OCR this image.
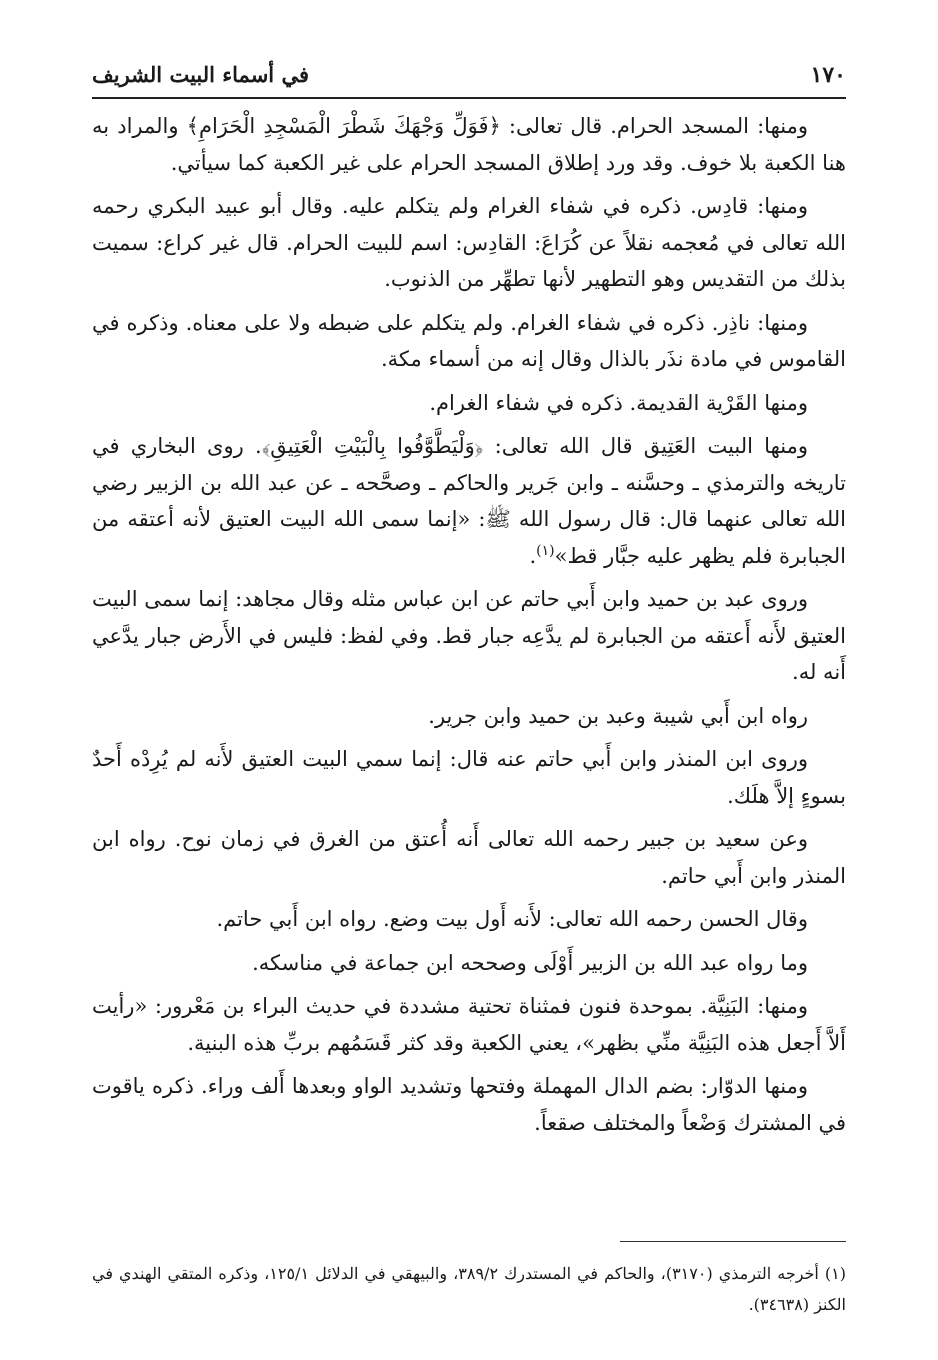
١٧٠
في أسماء البيت الشريف

ومنها: المسجد الحرام. قال تعالى: ﴿فَوَلِّ وَجْهَكَ شَطْرَ الْمَسْجِدِ الْحَرَامِ﴾ والمراد به هنا الكعبة بلا خوف. وقد ورد إطلاق المسجد الحرام على غير الكعبة كما سيأتي.

ومنها: قادِس. ذكره في شفاء الغرام ولم يتكلم عليه. وقال أبو عبيد البكري رحمه الله تعالى في مُعجمه نقلاً عن كُرَاعَ: القادِس: اسم للبيت الحرام. قال غير كراع: سميت بذلك من التقديس وهو التطهير لأنها تطهِّر من الذنوب.

ومنها: ناذِر. ذكره في شفاء الغرام. ولم يتكلم على ضبطه ولا على معناه. وذكره في القاموس في مادة نذَر بالذال وقال إنه من أسماء مكة.

ومنها القَرْية القديمة. ذكره في شفاء الغرام.

ومنها البيت العَتِيق قال الله تعالى: ﴿وَلْيَطَّوَّفُوا بِالْبَيْتِ الْعَتِيقِ﴾. روى البخاري في تاريخه والترمذي ـ وحسَّنه ـ وابن جَرير والحاكم ـ وصحَّحه ـ عن عبد الله بن الزبير رضي الله تعالى عنهما قال: قال رسول الله ﷺ: «إنما سمى الله البيت العتيق لأنه أعتقه من الجبابرة فلم يظهر عليه جبَّار قط»$^{(١)}$.

وروى عبد بن حميد وابن أَبي حاتم عن ابن عباس مثله وقال مجاهد: إنما سمى البيت العتيق لأَنه أَعتقه من الجبابرة لم يدَّعِه جبار قط. وفي لفظ: فليس في الأَرض جبار يدَّعي أَنه له.

رواه ابن أَبي شيبة وعبد بن حميد وابن جرير.

وروى ابن المنذر وابن أَبي حاتم عنه قال: إنما سمي البيت العتيق لأَنه لم يُرِدْه أَحدٌ بسوءٍ إلاَّ هلَك.

وعن سعيد بن جبير رحمه الله تعالى أَنه أُعتق من الغرق في زمان نوح. رواه ابن المنذر وابن أَبي حاتم.

وقال الحسن رحمه الله تعالى: لأَنه أَول بيت وضع. رواه ابن أَبي حاتم.

وما رواه عبد الله بن الزبير أَوْلَى وصححه ابن جماعة في مناسكه.

ومنها: البَنِيَّة. بموحدة فنون فمثناة تحتية مشددة في حديث البراء بن مَعْرور: «رأيت أَلاَّ أَجعل هذه البَنِيَّة منِّي بظهر»، يعني الكعبة وقد كثر قَسَمُهم بربِّ هذه البنية.

ومنها الدوّار: بضم الدال المهملة وفتحها وتشديد الواو وبعدها أَلف وراء. ذكره ياقوت في المشترك وَضْعاً والمختلف صقعاً.

(١) أخرجه الترمذي (٣١٧٠)، والحاكم في المستدرك ٣٨٩/٢، والبيهقي في الدلائل ١٢٥/١، وذكره المتقي الهندي في الكنز (٣٤٦٣٨).
